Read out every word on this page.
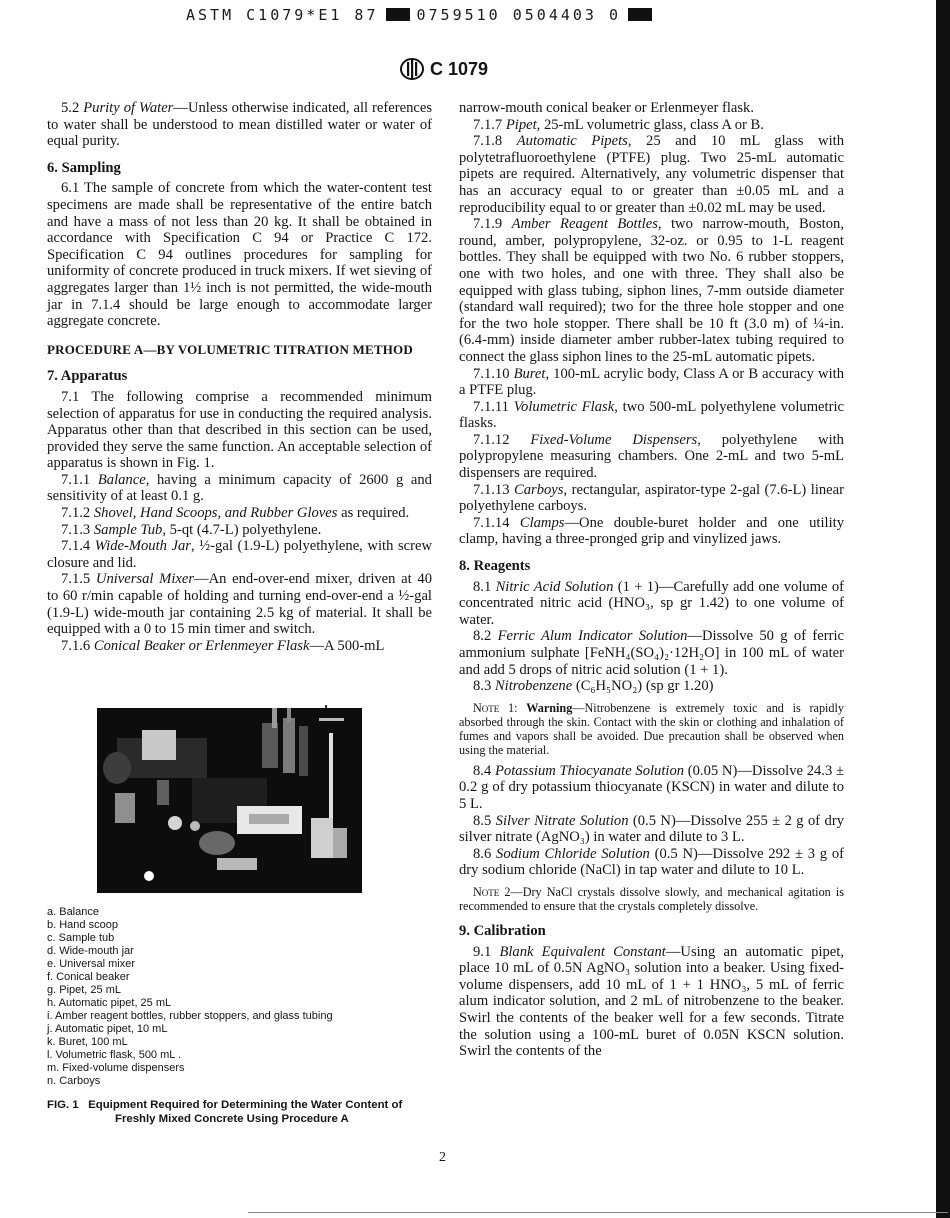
ASTM C1079*E1 87	0759510 0504403 0
C 1079

5.2 Purity of Water—Unless otherwise indicated, all references to water shall be understood to mean distilled water or water of equal purity.

6. Sampling

6.1 The sample of concrete from which the water-content test specimens are made shall be representative of the entire batch and have a mass of not less than 20 kg. It shall be obtained in accordance with Specification C 94 or Practice C 172. Specification C 94 outlines procedures for sampling for uniformity of concrete produced in truck mixers. If wet sieving of aggregates larger than 1½ inch is not permitted, the wide-mouth jar in 7.1.4 should be large enough to accommodate larger aggregate concrete.

PROCEDURE A—BY VOLUMETRIC TITRATION METHOD
7. Apparatus

7.1 The following comprise a recommended minimum selection of apparatus for use in conducting the required analysis. Apparatus other than that described in this section can be used, provided they serve the same function. An acceptable selection of apparatus is shown in Fig. 1.

7.1.1 Balance, having a minimum capacity of 2600 g and sensitivity of at least 0.1 g.

7.1.2 Shovel, Hand Scoops, and Rubber Gloves as required.

7.1.3 Sample Tub, 5-qt (4.7-L) polyethylene.

7.1.4 Wide-Mouth Jar, ½-gal (1.9-L) polyethylene, with screw closure and lid.

7.1.5 Universal Mixer—An end-over-end mixer, driven at 40 to 60 r/min capable of holding and turning end-over-end a ½-gal (1.9-L) wide-mouth jar containing 2.5 kg of material. It shall be equipped with a 0 to 15 min timer and switch.

7.1.6 Conical Beaker or Erlenmeyer Flask—A 500-mL

a. Balance
b. Hand scoop
c. Sample tub
d. Wide-mouth jar
e. Universal mixer
f. Conical beaker
g. Pipet, 25 mL
h. Automatic pipet, 25 mL
i. Amber reagent bottles, rubber stoppers, and glass tubing
j. Automatic pipet, 10 mL
k. Buret, 100 mL
l. Volumetric flask, 500 mL .
m. Fixed-volume dispensers
n. Carboys
FIG. 1 Equipment Required for Determining the Water Content of
Freshly Mixed Concrete Using Procedure A

narrow-mouth conical beaker or Erlenmeyer flask.

7.1.7 Pipet, 25-mL volumetric glass, class A or B.

7.1.8 Automatic Pipets, 25 and 10 mL glass with polytetrafluoroethylene (PTFE) plug. Two 25-mL automatic pipets are required. Alternatively, any volumetric dispenser that has an accuracy equal to or greater than ±0.05 mL and a reproducibility equal to or greater than ±0.02 mL may be used.

7.1.9 Amber Reagent Bottles, two narrow-mouth, Boston, round, amber, polypropylene, 32-oz. or 0.95 to 1-L reagent bottles. They shall be equipped with two No. 6 rubber stoppers, one with two holes, and one with three. They shall also be equipped with glass tubing, siphon lines, 7-mm outside diameter (standard wall required); two for the three hole stopper and one for the two hole stopper. There shall be 10 ft (3.0 m) of ¼-in. (6.4-mm) inside diameter amber rubber-latex tubing required to connect the glass siphon lines to the 25-mL automatic pipets.

7.1.10 Buret, 100-mL acrylic body, Class A or B accuracy with a PTFE plug.

7.1.11 Volumetric Flask, two 500-mL polyethylene volumetric flasks.

7.1.12 Fixed-Volume Dispensers, polyethylene with polypropylene measuring chambers. One 2-mL and two 5-mL dispensers are required.

7.1.13 Carboys, rectangular, aspirator-type 2-gal (7.6-L) linear polyethylene carboys.

7.1.14 Clamps—One double-buret holder and one utility clamp, having a three-pronged grip and vinylized jaws.

8. Reagents

8.1 Nitric Acid Solution (1 + 1)—Carefully add one volume of concentrated nitric acid (HNO₃, sp gr 1.42) to one volume of water.

8.2 Ferric Alum Indicator Solution—Dissolve 50 g of ferric ammonium sulphate [FeNH₄(SO₄)₂·12H₂O] in 100 mL of water and add 5 drops of nitric acid solution (1 + 1).

8.3 Nitrobenzene (C₆H₅NO₂) (sp gr 1.20)

Note 1: Warning—Nitrobenzene is extremely toxic and is rapidly absorbed through the skin. Contact with the skin or clothing and inhalation of fumes and vapors shall be avoided. Due precaution shall be observed when using the material.

8.4 Potassium Thiocyanate Solution (0.05 N)—Dissolve 24.3 ± 0.2 g of dry potassium thiocyanate (KSCN) in water and dilute to 5 L.

8.5 Silver Nitrate Solution (0.5 N)—Dissolve 255 ± 2 g of dry silver nitrate (AgNO₃) in water and dilute to 3 L.

8.6 Sodium Chloride Solution (0.5 N)—Dissolve 292 ± 3 g of dry sodium chloride (NaCl) in tap water and dilute to 10 L.

Note 2—Dry NaCl crystals dissolve slowly, and mechanical agitation is recommended to ensure that the crystals completely dissolve.

9. Calibration

9.1 Blank Equivalent Constant—Using an automatic pipet, place 10 mL of 0.5N AgNO₃ solution into a beaker. Using fixed-volume dispensers, add 10 mL of 1 + 1 HNO₃, 5 mL of ferric alum indicator solution, and 2 mL of nitrobenzene to the beaker. Swirl the contents of the beaker well for a few seconds. Titrate the solution using a 100-mL buret of 0.05N KSCN solution. Swirl the contents of the

2
